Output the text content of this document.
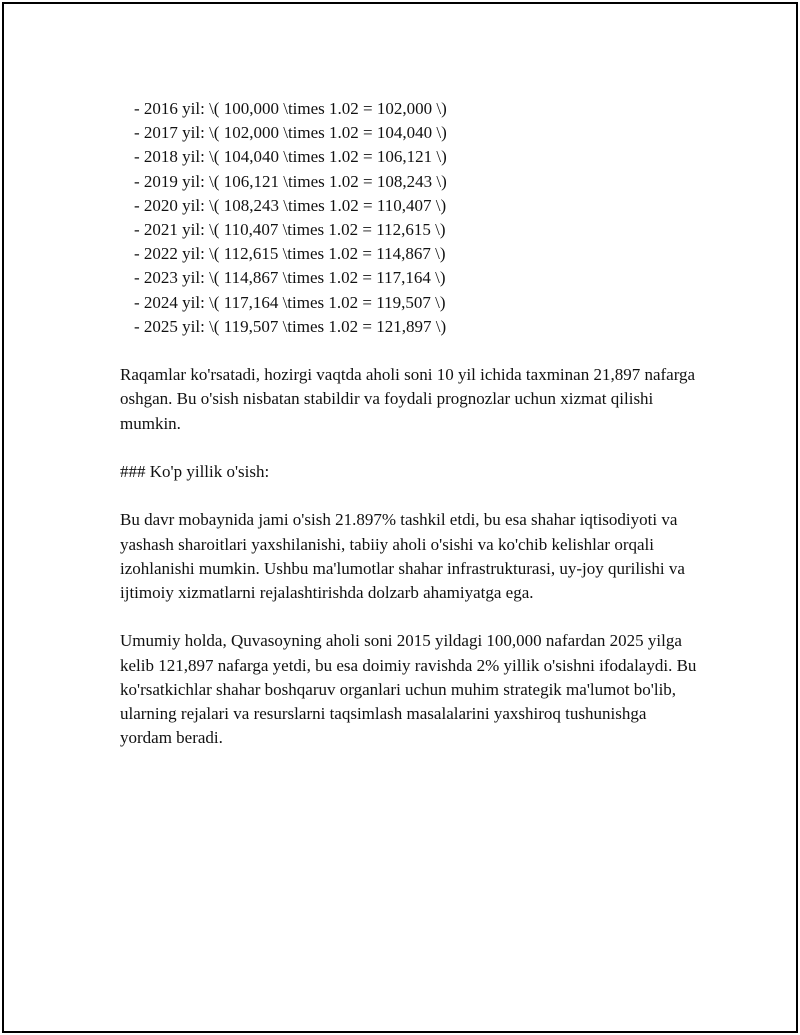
- 2016 yil: \( 100,000 \times 1.02 = 102,000 \)
- 2017 yil: \( 102,000 \times 1.02 = 104,040 \)
- 2018 yil: \( 104,040 \times 1.02 = 106,121 \)
- 2019 yil: \( 106,121 \times 1.02 = 108,243 \)
- 2020 yil: \( 108,243 \times 1.02 = 110,407 \)
- 2021 yil: \( 110,407 \times 1.02 = 112,615 \)
- 2022 yil: \( 112,615 \times 1.02 = 114,867 \)
- 2023 yil: \( 114,867 \times 1.02 = 117,164 \)
- 2024 yil: \( 117,164 \times 1.02 = 119,507 \)
- 2025 yil: \( 119,507 \times 1.02 = 121,897 \)

Raqamlar ko'rsatadi, hozirgi vaqtda aholi soni 10 yil ichida taxminan 21,897 nafarga oshgan. Bu o'sish nisbatan stabildir va foydali prognozlar uchun xizmat qilishi mumkin.

### Ko'p yillik o'sish:

Bu davr mobaynida jami o'sish 21.897% tashkil etdi, bu esa shahar iqtisodiyoti va yashash sharoitlari yaxshilanishi, tabiiy aholi o'sishi va ko'chib kelishlar orqali izohlanishi mumkin. Ushbu ma'lumotlar shahar infrastrukturasi, uy-joy qurilishi va ijtimoiy xizmatlarni rejalashtirishda dolzarb ahamiyatga ega.

Umumiy holda, Quvasoyning aholi soni 2015 yildagi 100,000 nafardan 2025 yilga kelib 121,897 nafarga yetdi, bu esa doimiy ravishda 2% yillik o'sishni ifodalaydi. Bu ko'rsatkichlar shahar boshqaruv organlari uchun muhim strategik ma'lumot bo'lib, ularning rejalari va resurslarni taqsimlash masalalarini yaxshiroq tushunishga yordam beradi.
